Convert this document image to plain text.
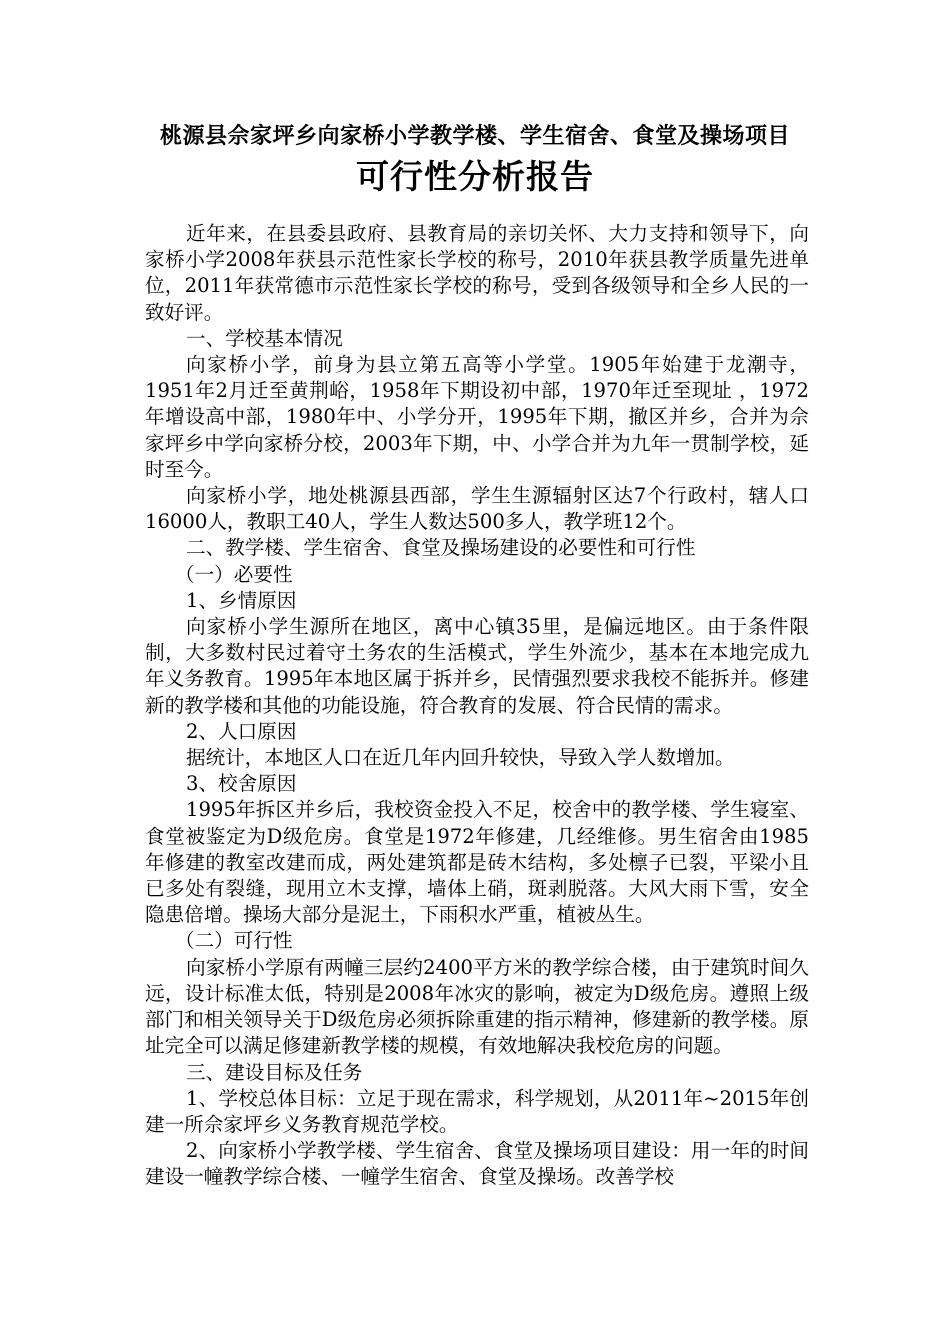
桃源县佘家坪乡向家桥小学教学楼、学生宿舍、食堂及操场项目
可行性分析报告

近年来，在县委县政府、县教育局的亲切关怀、大力支持和领导下，向家桥小学2008年获县示范性家长学校的称号，2010年获县教学质量先进单位，2011年获常德市示范性家长学校的称号，受到各级领导和全乡人民的一致好评。

一、学校基本情况

向家桥小学，前身为县立第五高等小学堂。1905年始建于龙潮寺，1951年2月迁至黄荆峪，1958年下期设初中部，1970年迁至现址 ，1972年增设高中部，1980年中、小学分开，1995年下期，撤区并乡，合并为佘家坪乡中学向家桥分校，2003年下期，中、小学合并为九年一贯制学校，延时至今。

向家桥小学，地处桃源县西部，学生生源辐射区达7个行政村，辖人口16000人，教职工40人，学生人数达500多人，教学班12个。

二、教学楼、学生宿舍、食堂及操场建设的必要性和可行性

（一）必要性

1、乡情原因

向家桥小学生源所在地区，离中心镇35里，是偏远地区。由于条件限制，大多数村民过着守土务农的生活模式，学生外流少，基本在本地完成九年义务教育。1995年本地区属于拆并乡，民情强烈要求我校不能拆并。修建新的教学楼和其他的功能设施，符合教育的发展、符合民情的需求。

2、人口原因

据统计，本地区人口在近几年内回升较快，导致入学人数增加。

3、校舍原因

1995年拆区并乡后，我校资金投入不足，校舍中的教学楼、学生寝室、食堂被鉴定为D级危房。食堂是1972年修建，几经维修。男生宿舍由1985年修建的教室改建而成，两处建筑都是砖木结构，多处檩子已裂，平梁小且已多处有裂缝，现用立木支撑，墙体上硝，斑剥脱落。大风大雨下雪，安全隐患倍增。操场大部分是泥土，下雨积水严重，植被丛生。

（二）可行性

向家桥小学原有两幢三层约2400平方米的教学综合楼，由于建筑时间久远，设计标准太低，特别是2008年冰灾的影响，被定为D级危房。遵照上级部门和相关领导关于D级危房必须拆除重建的指示精神，修建新的教学楼。原址完全可以满足修建新教学楼的规模，有效地解决我校危房的问题。

三、建设目标及任务

1、学校总体目标：立足于现在需求，科学规划，从2011年~2015年创建一所佘家坪乡义务教育规范学校。

2、向家桥小学教学楼、学生宿舍、食堂及操场项目建设：用一年的时间建设一幢教学综合楼、一幢学生宿舍、食堂及操场。改善学校
